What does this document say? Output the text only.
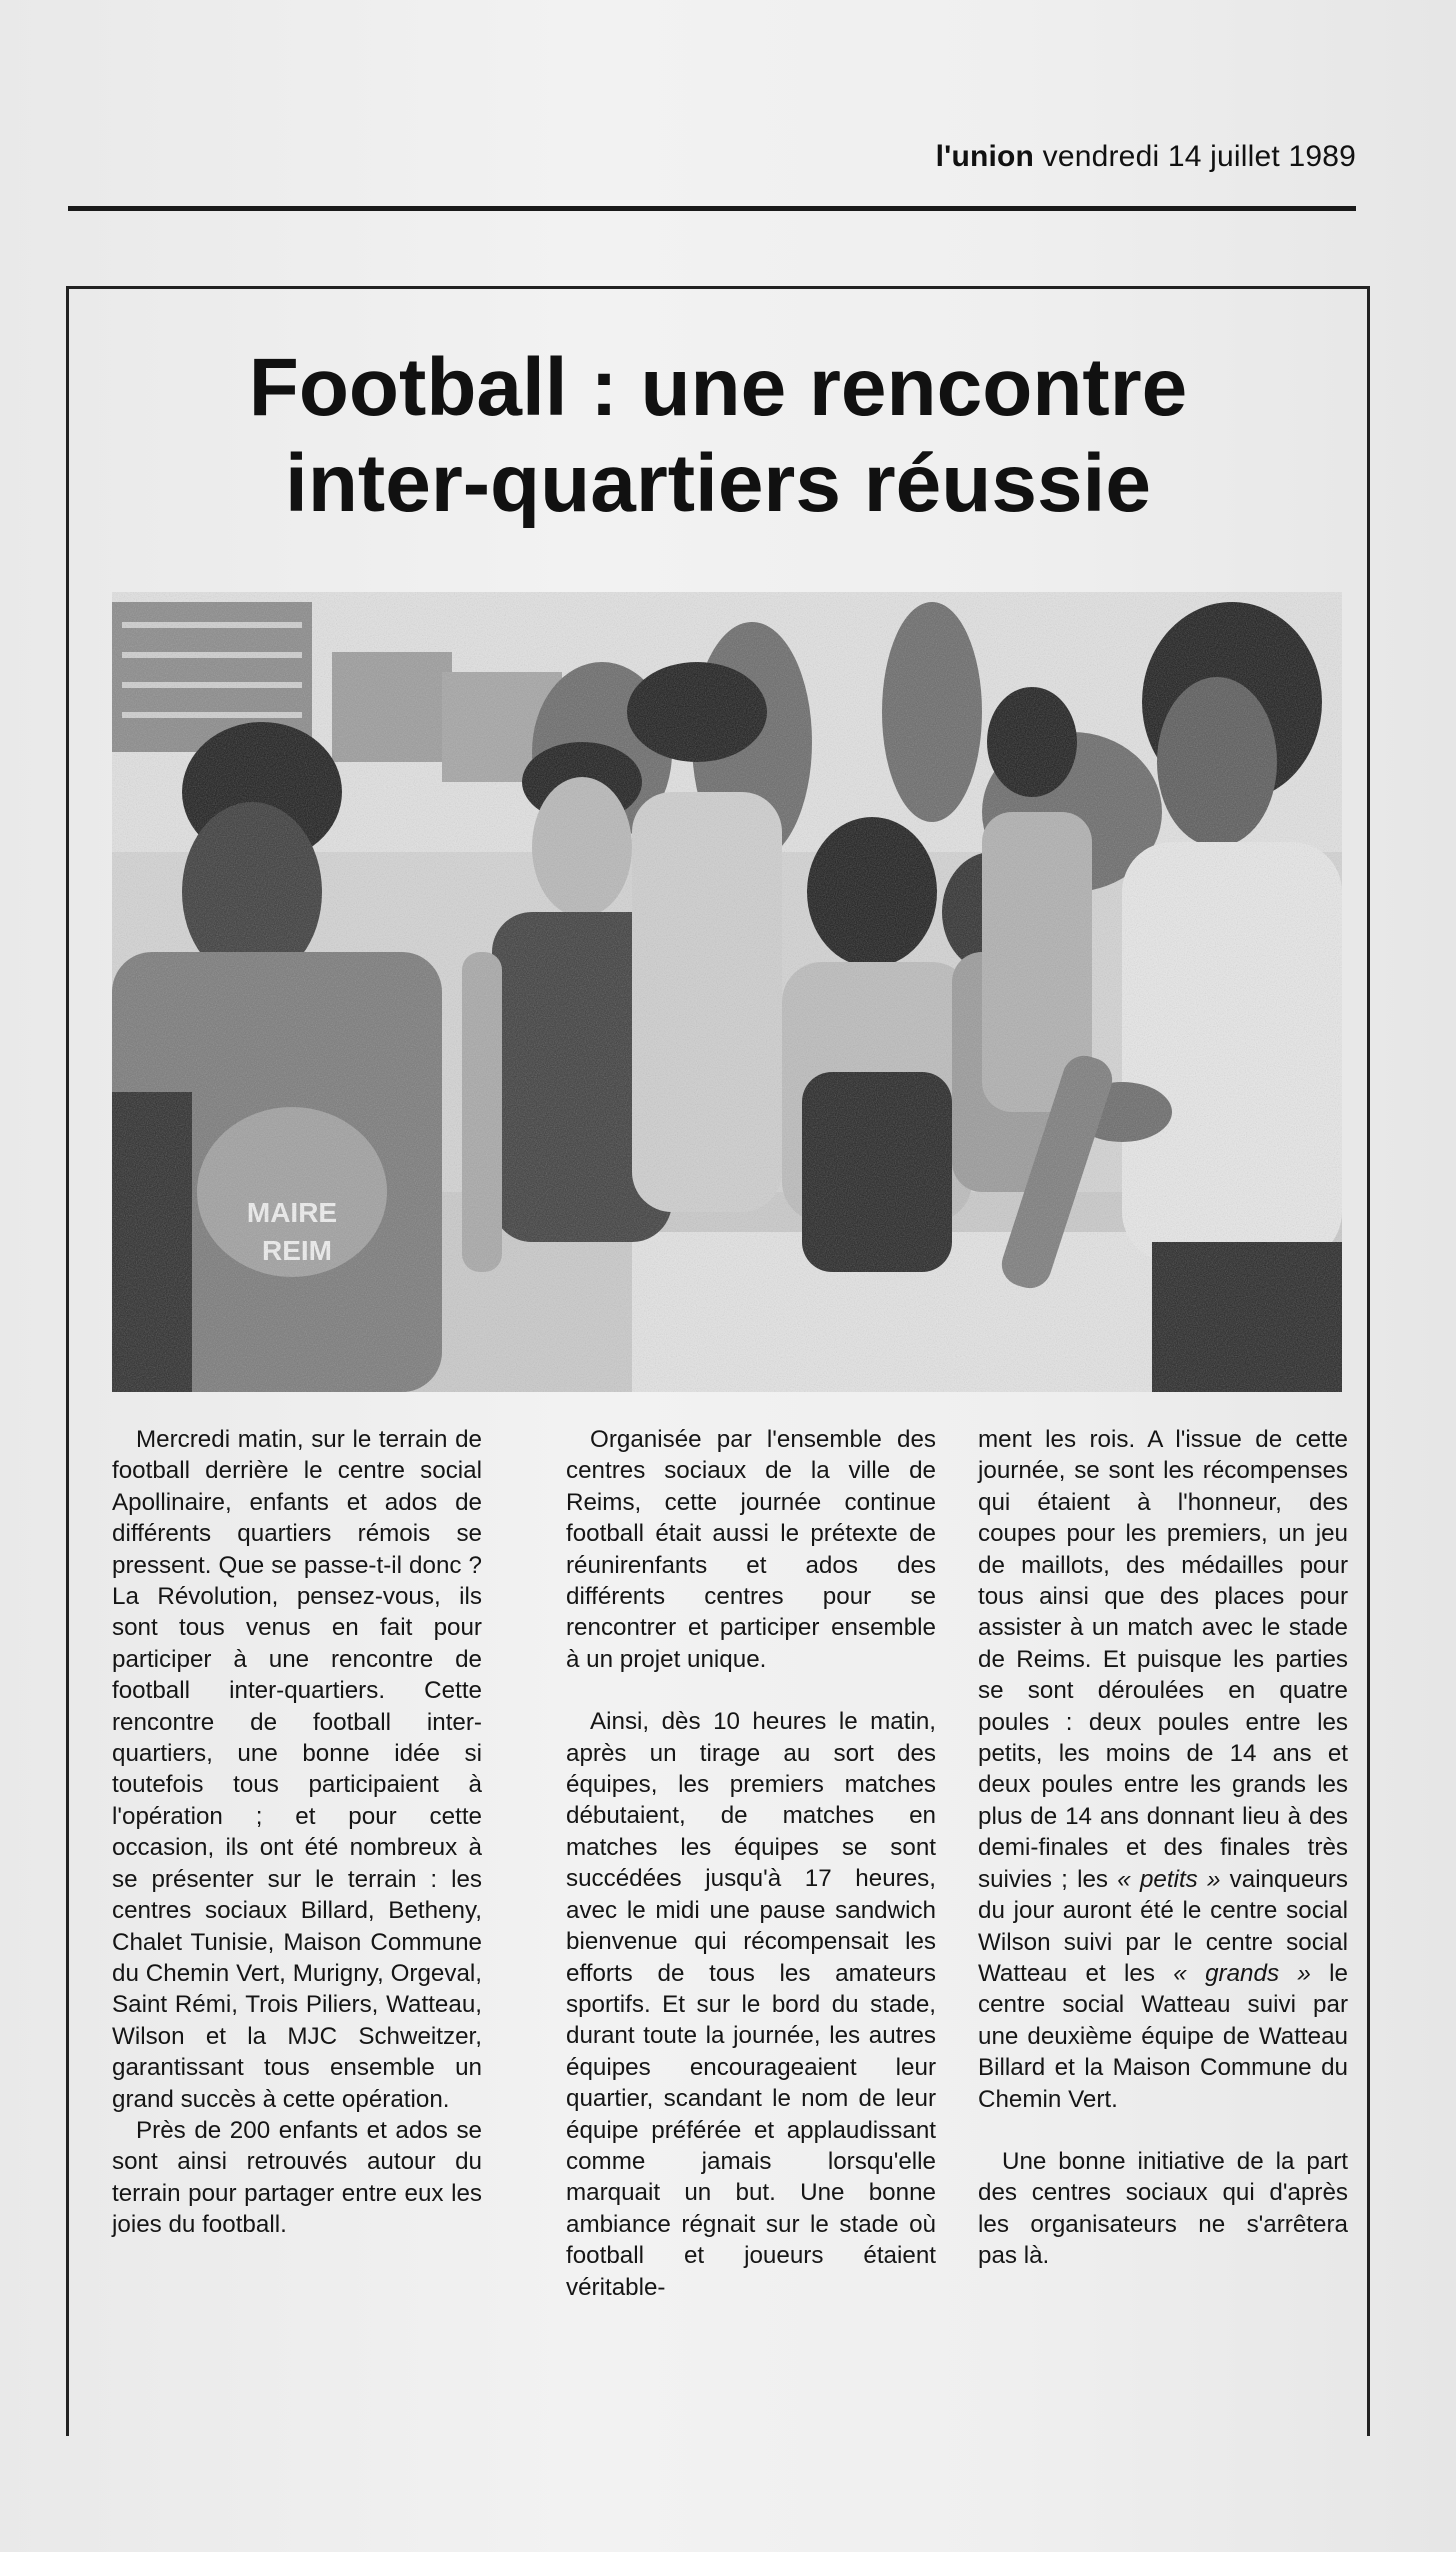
l'union vendredi 14 juillet 1989
Football : une rencontre
inter-quartiers réussie

Mercredi matin, sur le terrain de football derrière le centre social Apollinaire, enfants et ados de différents quartiers rémois se pressent. Que se passe-t-il donc ? La Révolution, pensez-vous, ils sont tous venus en fait pour participer à une rencontre de football inter-quartiers. Cette rencontre de football inter-quartiers, une bonne idée si toutefois tous participaient à l'opération ; et pour cette occasion, ils ont été nombreux à se présenter sur le terrain : les centres sociaux Billard, Betheny, Chalet Tunisie, Maison Commune du Chemin Vert, Murigny, Orgeval, Saint Rémi, Trois Piliers, Watteau, Wilson et la MJC Schweitzer, garantissant tous ensemble un grand succès à cette opération.

Près de 200 enfants et ados se sont ainsi retrouvés autour du terrain pour partager entre eux les joies du football.

Organisée par l'ensemble des centres sociaux de la ville de Reims, cette journée continue football était aussi le prétexte de réunirenfants et ados des différents centres pour se rencontrer et participer ensemble à un projet unique.

Ainsi, dès 10 heures le matin, après un tirage au sort des équipes, les premiers matches débutaient, de matches en matches les équipes se sont succédées jusqu'à 17 heures, avec le midi une pause sandwich bienvenue qui récompensait les efforts de tous les amateurs sportifs. Et sur le bord du stade, durant toute la journée, les autres équipes encourageaient leur quartier, scandant le nom de leur équipe préférée et applaudissant comme jamais lorsqu'elle marquait un but. Une bonne ambiance régnait sur le stade où football et joueurs étaient véritable-

ment les rois. A l'issue de cette journée, se sont les récompenses qui étaient à l'honneur, des coupes pour les premiers, un jeu de maillots, des médailles pour tous ainsi que des places pour assister à un match avec le stade de Reims. Et puisque les parties se sont déroulées en quatre poules : deux poules entre les petits, les moins de 14 ans et deux poules entre les grands les plus de 14 ans donnant lieu à des demi-finales et des finales très suivies ; les « petits » vainqueurs du jour auront été le centre social Wilson suivi par le centre social Watteau et les « grands » le centre social Watteau suivi par une deuxième équipe de Watteau Billard et la Maison Commune du Chemin Vert.

Une bonne initiative de la part des centres sociaux qui d'après les organisateurs ne s'arrêtera pas là.
